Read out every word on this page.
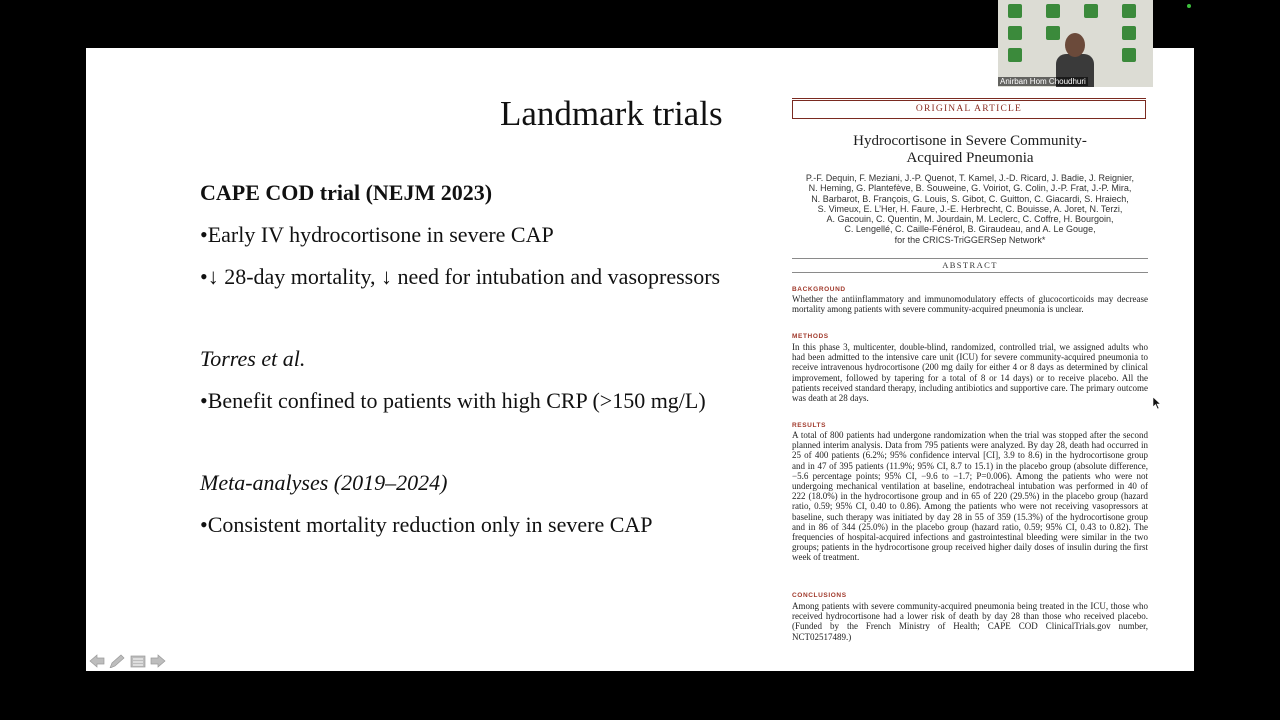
Landmark trials
CAPE COD trial (NEJM 2023)
•Early IV hydrocortisone in severe CAP
•↓ 28-day mortality, ↓ need for intubation and vasopressors
Torres et al.
•Benefit confined to patients with high CRP (>150 mg/L)
Meta-analyses (2019–2024)
•Consistent mortality reduction only in severe CAP
ORIGINAL ARTICLE
Hydrocortisone in Severe Community-
Acquired Pneumonia
P.-F. Dequin, F. Meziani, J.-P. Quenot, T. Kamel, J.-D. Ricard, J. Badie, J. Reignier,
N. Heming, G. Plantefève, B. Souweine, G. Voiriot, G. Colin, J.-P. Frat, J.-P. Mira,
N. Barbarot, B. François, G. Louis, S. Gibot, C. Guitton, C. Giacardi, S. Hraiech,
S. Vimeux, E. L’Her, H. Faure, J.-E. Herbrecht, C. Bouisse, A. Joret, N. Terzi,
A. Gacouin, C. Quentin, M. Jourdain, M. Leclerc, C. Coffre, H. Bourgoin,
C. Lengellé, C. Caille-Fénérol, B. Giraudeau, and A. Le Gouge,
for the CRICS-TriGGERSep Network*
ABSTRACT
BACKGROUND
Whether the antiinflammatory and immunomodulatory effects of glucocorticoids may decrease mortality among patients with severe community-acquired pneumonia is unclear.
METHODS
In this phase 3, multicenter, double-blind, randomized, controlled trial, we assigned adults who had been admitted to the intensive care unit (ICU) for severe community-acquired pneumonia to receive intravenous hydrocortisone (200 mg daily for either 4 or 8 days as determined by clinical improvement, followed by tapering for a total of 8 or 14 days) or to receive placebo. All the patients received standard therapy, including antibiotics and supportive care. The primary outcome was death at 28 days.
RESULTS
A total of 800 patients had undergone randomization when the trial was stopped after the second planned interim analysis. Data from 795 patients were analyzed. By day 28, death had occurred in 25 of 400 patients (6.2%; 95% confidence interval [CI], 3.9 to 8.6) in the hydrocortisone group and in 47 of 395 patients (11.9%; 95% CI, 8.7 to 15.1) in the placebo group (absolute difference, −5.6 percentage points; 95% CI, −9.6 to −1.7; P=0.006). Among the patients who were not undergoing mechanical ventilation at baseline, endotracheal intubation was performed in 40 of 222 (18.0%) in the hydrocortisone group and in 65 of 220 (29.5%) in the placebo group (hazard ratio, 0.59; 95% CI, 0.40 to 0.86). Among the patients who were not receiving vasopressors at baseline, such therapy was initiated by day 28 in 55 of 359 (15.3%) of the hydrocortisone group and in 86 of 344 (25.0%) in the placebo group (hazard ratio, 0.59; 95% CI, 0.43 to 0.82). The frequencies of hospital-acquired infections and gastrointestinal bleeding were similar in the two groups; patients in the hydrocortisone group received higher daily doses of insulin during the first week of treatment.
CONCLUSIONS
Among patients with severe community-acquired pneumonia being treated in the ICU, those who received hydrocortisone had a lower risk of death by day 28 than those who received placebo. (Funded by the French Ministry of Health; CAPE COD ClinicalTrials.gov number, NCT02517489.)
Anirban Hom Choudhuri
